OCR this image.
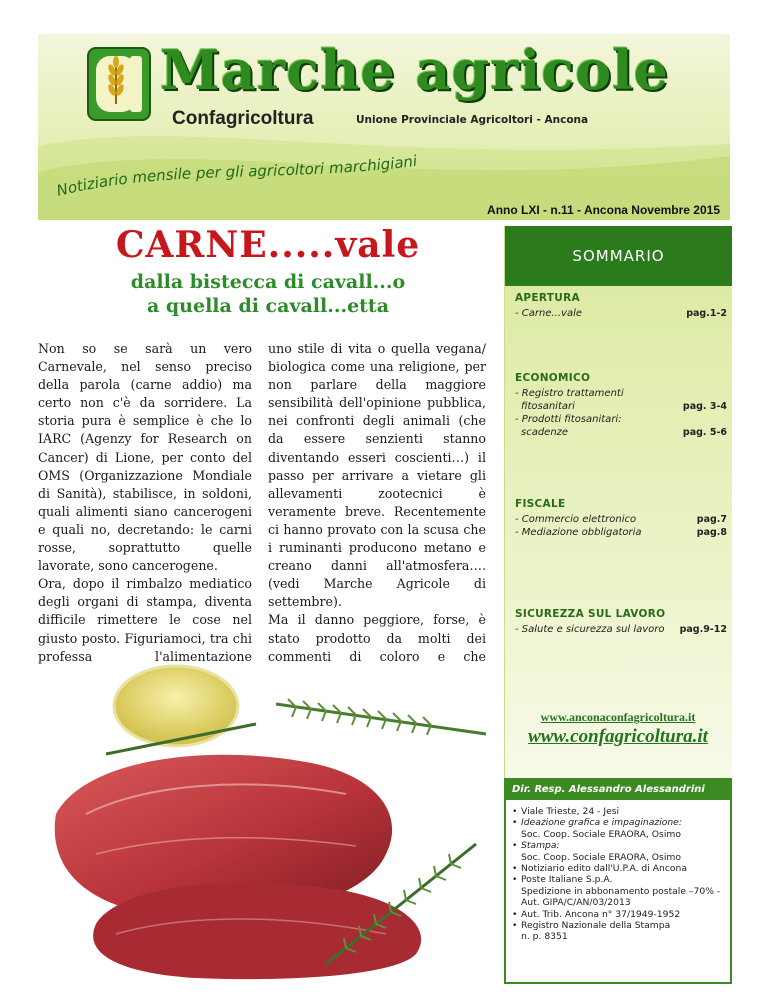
Marche agricole
Confagricoltura	Unione Provinciale Agricoltori - Ancona
Notiziario mensile per gli agricoltori marchigiani
Anno LXI - n.11 - Ancona Novembre 2015
CARNE.....vale
dalla bistecca di cavall...o
a quella di cavall...etta

Non so se sarà un vero Carnevale, nel senso preciso della parola (carne addio) ma certo non c'è da sorridere. La storia pura è semplice è che lo IARC (Agenzy for Research on Cancer) di Lione, per conto del OMS (Organizzazione Mondiale di Sanità), stabilisce, in soldoni, quali alimenti siano cancerogeni e quali no, decretando: le carni rosse, soprattutto quelle lavorate, sono cancerogene.

Ora, dopo il rimbalzo mediatico degli organi di stampa, diventa difficile rimettere le cose nel giusto posto. Figuriamoci, tra chi professa l'alimentazione

uno stile di vita o quella vegana/ biologica come una religione, per non parlare della maggiore sensibilità dell'opinione pubblica, nei confronti degli animali (che da essere senzienti stanno diventando esseri coscienti…) il passo per arrivare a vietare gli allevamenti zootecnici è veramente breve. Recentemente ci hanno provato con la scusa che i ruminanti producono metano e creano danni all'atmosfera…. (vedi Marche Agricole di settembre).

Ma il danno peggiore, forse, è stato prodotto da molti dei commenti di coloro e che

SOMMARIO
APERTURA
- Carne...vale	pag.1-2
ECONOMICO
- Registro trattamenti
fitosanitari	pag. 3-4
- Prodotti fitosanitari:
scadenze	pag. 5-6
FISCALE
- Commercio elettronico	pag.7
- Mediazione obbligatoria	pag.8
SICUREZZA SUL LAVORO
- Salute e sicurezza sul lavoro pag.9-12
www.anconaconfagricoltura.it
www.confagricoltura.it
Dir. Resp. Alessandro Alessandrini
• Viale Trieste, 24 - Jesi
• Ideazione grafica e impaginazione:
Soc. Coop. Sociale ERAORA, Osimo
• Stampa:
Soc. Coop. Sociale ERAORA, Osimo
• Notiziario edito dall'U.P.A. di Ancona
• Poste Italiane S.p.A.
Spedizione in abbonamento postale –70% - Aut. GIPA/C/AN/03/2013
• Aut. Trib. Ancona n° 37/1949-1952
• Registro Nazionale della Stampa
n. p. 8351
